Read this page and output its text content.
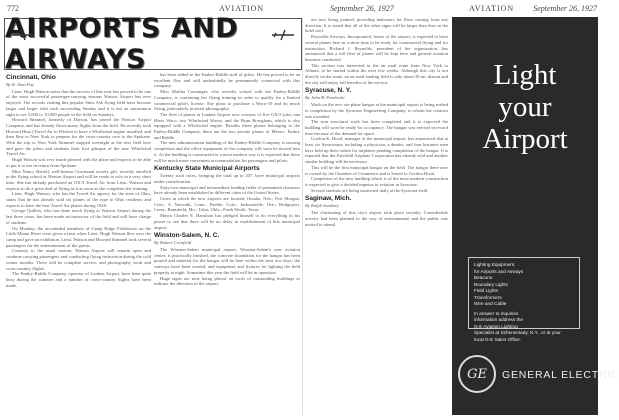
772	AVIATION	September 26, 1927	AVIATION September 26, 1927
AIRPORTS AND AIRWAYS
Cincinnati, Ohio

By R. Alan Fay

Lieut. Hugh Watson states that the success of this year has proved to be one of the most successful passenger-carrying seasons Watson Airport has ever enjoyed. The records visiting this popular Sims Ask flying field have become larger and larger with each succeeding Sunday and it is not an uncommon sight to see 5,000 to 10,000 people in the field on Sundays.

Howard Stimmel, formerly of Dayton, has joined the Watson Airport Company, and has already flown many flights from the field. He recently took Howard Huss (Travel Air to Wichita to have a Whirlwind engine installed, and then flew to New York to prepare for the cross-country race to the Spokane. With the trip to New York Stimmel stopped overnight at the new field here and gave the pilots and students their first glimpse of the new Whirlwind Travel Air.

Hugh Watson was very much pleased with the plane and expects to be able to put it to use in return from Spokane.

Miss Nancy Barrell, well-known Cincinnati society girl, recently enrolled in the flying school at Watson Airport and will be ready to solo in a very short time. She has already purchased an OX-5 Travel Air from Lieut. Watson and expects to do a great deal of flying in it as soon as she completes her training.

Lieut. Hugh Watson, who has the Travel Air agency for the state of Ohio, states that he has already sold six planes of the type to Ohio residents and expects to have the best Travel Air planes during 1928.

George Quillen, who has done much flying at Watson Airport during the last three years, has been made an instructor of the field and will have charge of students.

On Monday, the air-minded members of Camp Ridge Fieldtower on the Little Miami River were given a treat when Lieut. Hugh Watson flew over the camp and gave an exhibition. Lieut. Watson and Howard Stimmel took several passengers for the entertainment of the guests.

Contrary to the usual custom, Watson Airport will remain open and continue carrying passengers and conducting flying instruction during the cold winter months. There will be complete service, and photography work and cross-country flights.

The Embry-Riddle Company, operator of Lunken Airport, have been quite busy during the summer and a number of cross-country flights have been made.

has been added to the Embry-Riddle staff of pilots. He has proved to be an excellent flier and will undoubtedly be permanently connected with this company.

Miss Martha Conninger, who recently soloed with the Embry-Riddle Company, is continuing her flying training in order to qualify for a limited commercial pilot's license. She plans to purchase a Waco-10 and do much flying, particularly in aerial photography.

The fleet of planes at Lunken Airport now consists of five OX-5 jobs, one Hisso Waco, two Whirlwind Wacos, and the Ryan Brougham, which is also equipped with a Whirlwind engine. Besides these planes belonging to the Embry-Riddle Company, there are the two private planes of Messrs. Embry and Riddle.

The new administration building of the Embry-Riddle Company is nearing completion and the office equipment of the company will soon be moved into it. As the building is constructed in a most modern way it is expected that there will be much more convenient accommodation for passengers and pilots.

Kentucky State Municipal Airports

Twenty such cities, bringing the total up to 207, have municipal airports under consideration.

Sixty-two municipal and intermediate landing fields of permanent character have already been established in different cities of the United States.

Cities in which the new airports are located: Omaha, Neb.; Port Morgan, Colo.; S. Norwalk, Conn.; Pueblo, Colo.; Jacksonville, Ore.; Bridgeport, Conn.; Bramfield, Mo.; Tulsa, Okla.; Forth Worth, Texas.

Mayor Charles E. Hamilton has pledged himself to do everything in his power to see that there will be no delay in establishment of this municipal airport.

Winston-Salem, N. C.

By Robert Cornfield

The Winston-Salem municipal airport, Winston-Salem's new aviation center, is practically finished, the concrete foundation for the hangar has been poured and material for the hangar will be here within the next few days; the runways have been created, and equipment and fixtures for lighting the field properly at night. Sometime this year the field will be in operation.

Huge signs are now being placed on roofs of outstanding buildings to indicate the direction of the airport.

are now being painted, providing indicators for fliers coming from any direction. It is stated that all of the other signs will be larger than that on the hotel roof.

Reynolds Airways, Incorporated, lessee of the airport, is expected to have several planes here in a short time to be ready for commercial flying and for instruction. Richard J. Reynolds, president of the organization, has announced that a full fleet of planes will be kept here and general aviation business conducted.

This section was interested in the air mail route from New York to Atlanta, to be started within the next few weeks. Although this city is not directly on the route, an air mail landing field is only about 30 mi. distant and the city will enjoy full benefits of the service.

Syracuse, N. Y.

By John B. Pembroke

Work on the new six-plane hangar at the municipal airport is being rushed to completion by the Syracuse Engineering Company, to whom the contract was awarded.

The iron structural work has been completed and it is expected the building will soon be ready for occupancy. The hangar was erected in record time because of the demand for space.

Gordon K. Hood, manager of the municipal airport, has announced that at least six Syracusans, including a physician, a dentist, and four business men have held up their orders for airplanes pending completion of the hangar. It is reported that the Fairchild Airplane Corporation has already sold and another similar building will be necessary.

This will be the first municipal hangar on the field. The hangar there now is owned by the Chamber of Commerce and is leased to Gordon Hood.

Completion of the new building which is of the most modern construction is expected to give a decided impetus to aviation in Syracuse.

Several students are being instructed daily at the Syracuse field.

Saginaw, Mich.

By Ralph Swakney

The christening of this city's airport took place recently. Considerable activity had been planned in the way of entertainment and the public was invited to attend.

Light
your
Airport
Lighting Equipment
for Airports and Airways
Beacons
Boundary Lights
Field Lights
Transformers
Wire and Cable
In answer to inquiries
information address the
G-E Aviation Lighting
Specialist at Schenectady, N.Y., or at your
local G-E Sales Office.
GE GENERAL ELECTRIC
